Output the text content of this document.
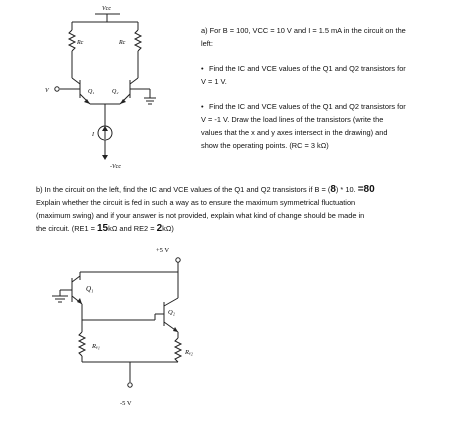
Vcc
Rc	Rc
Q₁	Q₂
V
I
-Vcc
a) For B = 100, VCC = 10 V and I = 1.5 mA in the circuit on the
left:
• Find the IC and VCE values of the Q1 and Q2 transistors for
V = 1 V.
• Find the IC and VCE values of the Q1 and Q2 transistors for
V = -1 V. Draw the load lines of the transistors (write the
values that the x and y axes intersect in the drawing) and
show the operating points. (RC = 3 kΩ)
b) In the circuit on the left, find the IC and VCE values of the Q1 and Q2 transistors if B = (8) * 10. =80
Explain whether the circuit is fed in such a way as to ensure the maximum symmetrical fluctuation
(maximum swing) and if your answer is not provided, explain what kind of change should be made in
the circuit. (RE1 = 15kΩ and RE2 = 2kΩ)
+5 V
-5 V
Q₁
Q₂
Rₑ₁
Rₑ₂
